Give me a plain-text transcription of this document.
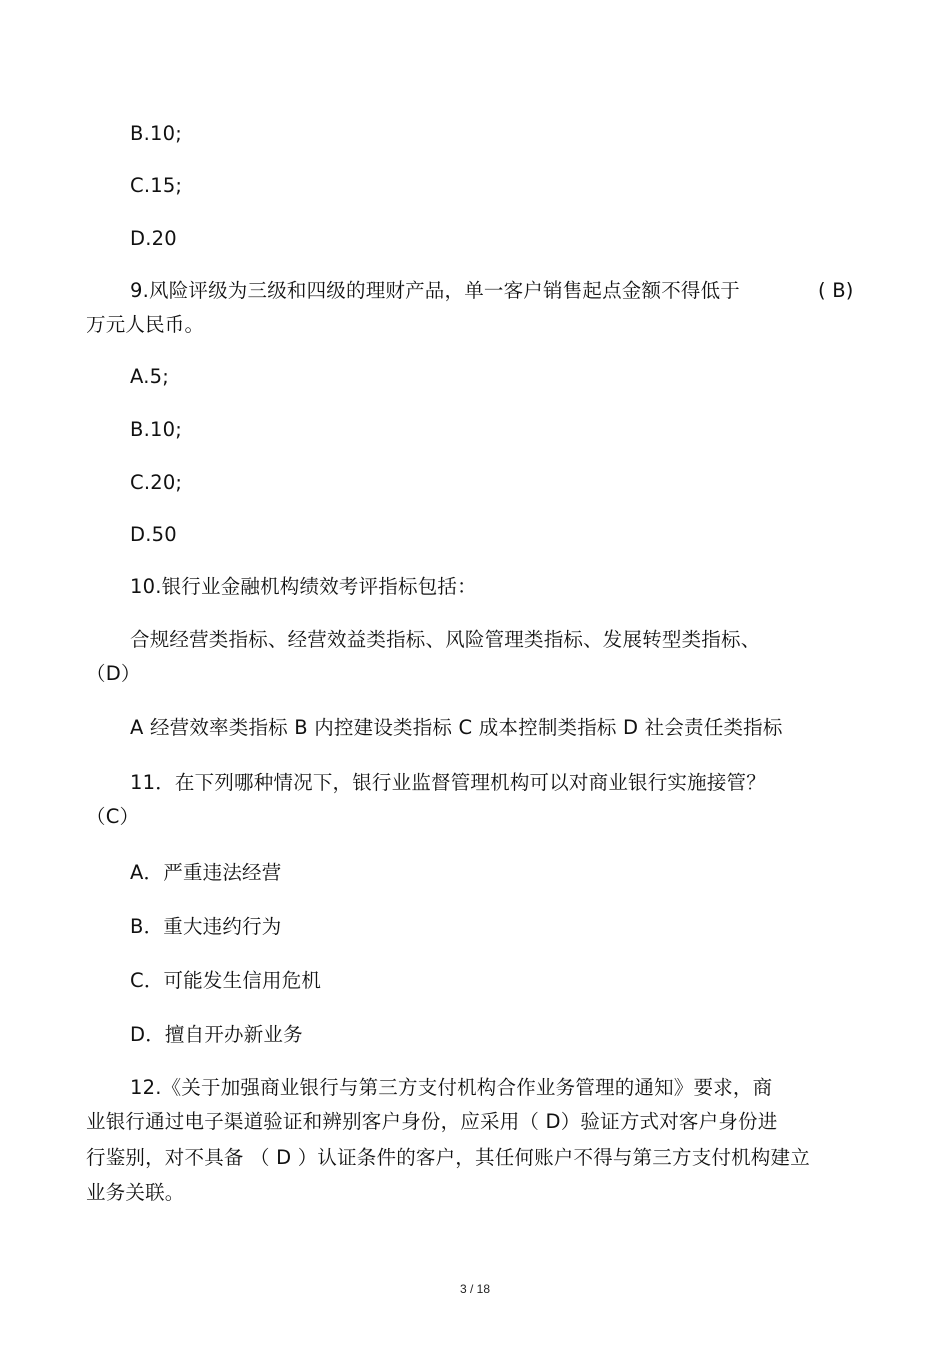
B.10;
C.15;
D.20
9.风险评级为三级和四级的理财产品，单一客户销售起点金额不得低于	( B)
万元人民币。
A.5;
B.10;
C.20;
D.50
10.银行业金融机构绩效考评指标包括：
合规经营类指标、经营效益类指标、风险管理类指标、发展转型类指标、
（D）
A 经营效率类指标 B 内控建设类指标 C 成本控制类指标 D 社会责任类指标
11．在下列哪种情况下，银行业监督管理机构可以对商业银行实施接管？
（C）
A．严重违法经营
B．重大违约行为
C．可能发生信用危机
D．擅自开办新业务
12.《关于加强商业银行与第三方支付机构合作业务管理的通知》要求，商
业银行通过电子渠道验证和辨别客户身份，应采用（ D）验证方式对客户身份进
行鉴别，对不具备 （ D ）认证条件的客户，其任何账户不得与第三方支付机构建立
业务关联。
3 / 18
